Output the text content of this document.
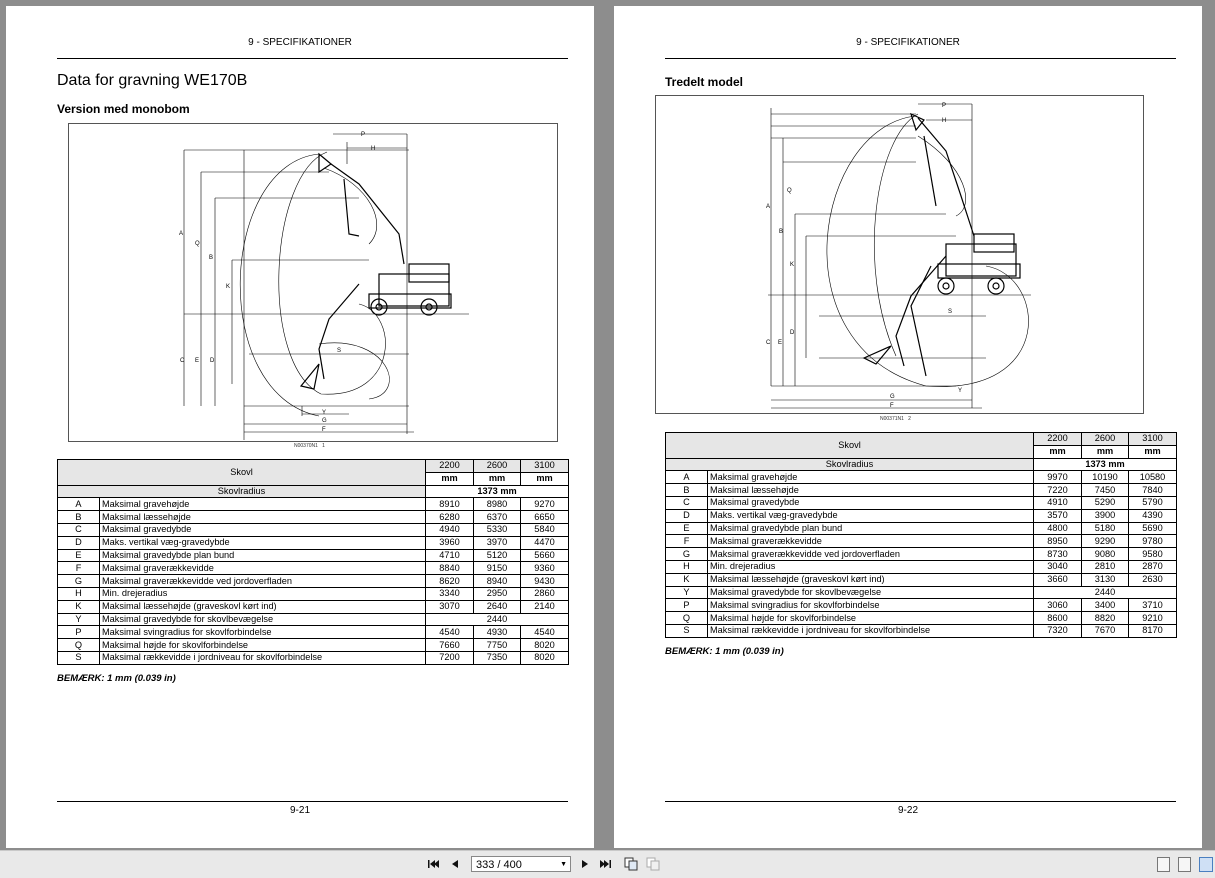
9 - SPECIFIKATIONER
Data for gravning WE170B
Version med monobom
A
Q
B
K
C E D
P
H
S
Y
G
F
N00370N1 1
Skovl		2200	2600	3100
		mm	mm	mm
Skovlradius		1373 mm		
A	Maksimal gravehøjde	8910	8980	9270
B	Maksimal læssehøjde	6280	6370	6650
C	Maksimal gravedybde	4940	5330	5840
D	Maks. vertikal væg-gravedybde	3960	3970	4470
E	Maksimal gravedybde plan bund	4710	5120	5660
F	Maksimal graverækkevidde	8840	9150	9360
G	Maksimal graverækkevidde ved jordoverfladen	8620	8940	9430
H	Min. drejeradius	3340	2950	2860
K	Maksimal læssehøjde (graveskovl kørt ind)	3070	2640	2140
Y	Maksimal gravedybde for skovlbevægelse	2440		
P	Maksimal svingradius for skovlforbindelse	4540	4930	4540
Q	Maksimal højde for skovlforbindelse	7660	7750	8020
S	Maksimal rækkevidde i jordniveau for skovlforbindelse	7200	7350	8020
BEMÆRK: 1 mm (0.039 in)
9-21
9 - SPECIFIKATIONER
Tredelt model
A
Q
B
K
C E
D
P
H
S
G
F
Y
N00371N1 2
Skovl		2200	2600	3100
		mm	mm	mm
Skovlradius		1373 mm		
A	Maksimal gravehøjde	9970	10190	10580
B	Maksimal læssehøjde	7220	7450	7840
C	Maksimal gravedybde	4910	5290	5790
D	Maks. vertikal væg-gravedybde	3570	3900	4390
E	Maksimal gravedybde plan bund	4800	5180	5690
F	Maksimal graverækkevidde	8950	9290	9780
G	Maksimal graverækkevidde ved jordoverfladen	8730	9080	9580
H	Min. drejeradius	3040	2810	2870
K	Maksimal læssehøjde (graveskovl kørt ind)	3660	3130	2630
Y	Maksimal gravedybde for skovlbevægelse	2440		
P	Maksimal svingradius for skovlforbindelse	3060	3400	3710
Q	Maksimal højde for skovlforbindelse	8600	8820	9210
S	Maksimal rækkevidde i jordniveau for skovlforbindelse	7320	7670	8170
BEMÆRK: 1 mm (0.039 in)
9-22
333 / 400	▼
